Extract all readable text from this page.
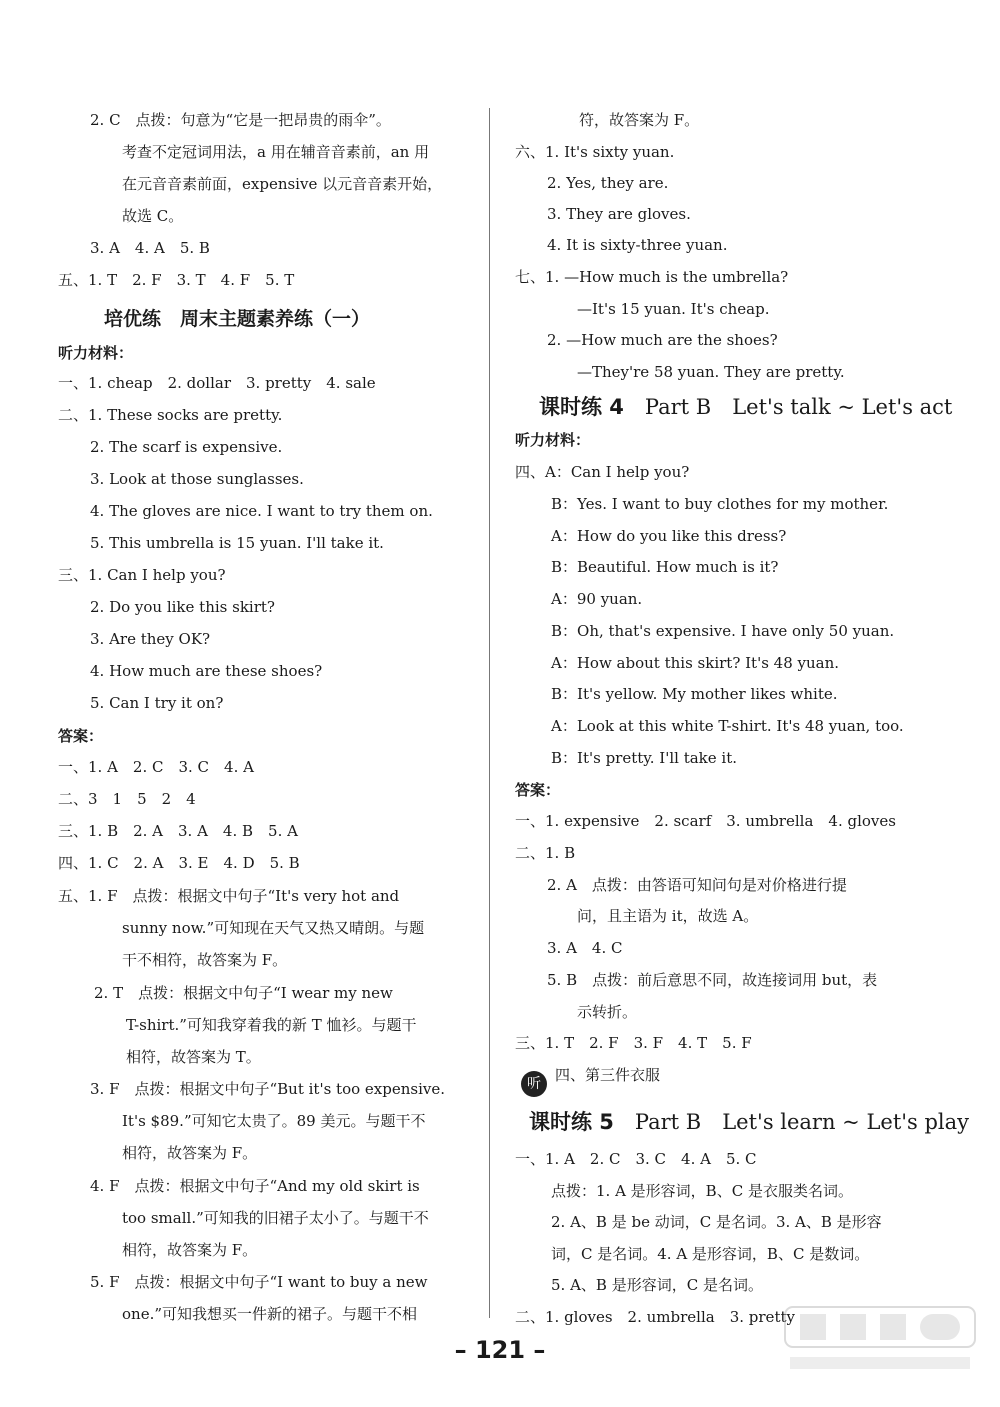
2. C　点拨：句意为“它是一把昂贵的雨伞”。
考查不定冠词用法，a 用在辅音音素前，an 用
在元音音素前面，expensive 以元音音素开始，
故选 C。
3. A　4. A　5. B
五、1. T　2. F　3. T　4. F　5. T
听力材料：
一、1. cheap　2. dollar　3. pretty　4. sale
二、1. These socks are pretty.
2. The scarf is expensive.
3. Look at those sunglasses.
4. The gloves are nice. I want to try them on.
5. This umbrella is 15 yuan. I'll take it.
三、1. Can I help you?
2. Do you like this skirt?
3. Are they OK?
4. How much are these shoes?
5. Can I try it on?
答案：
一、1. A　2. C　3. C　4. A
二、3　1　5　2　4
三、1. B　2. A　3. A　4. B　5. A
四、1. C　2. A　3. E　4. D　5. B
五、1. F　点拨：根据文中句子“It's very hot and
sunny now.”可知现在天气又热又晴朗。与题
干不相符，故答案为 F。
2. T　点拨：根据文中句子“I wear my new
T-shirt.”可知我穿着我的新 T 恤衫。与题干
相符，故答案为 T。
3. F　点拨：根据文中句子“But it's too expensive.
It's $89.”可知它太贵了。89 美元。与题干不
相符，故答案为 F。
4. F　点拨：根据文中句子“And my old skirt is
too small.”可知我的旧裙子太小了。与题干不
相符，故答案为 F。
5. F　点拨：根据文中句子“I want to buy a new
one.”可知我想买一件新的裙子。与题干不相
培优练　周末主题素养练（一）
符，故答案为 F。
六、1. It's sixty yuan.
2. Yes, they are.
3. They are gloves.
4. It is sixty-three yuan.
七、1. —How much is the umbrella?
—It's 15 yuan. It's cheap.
2. —How much are the shoes?
—They're 58 yuan. They are pretty.
听力材料：
四、A：Can I help you?
B：Yes. I want to buy clothes for my mother.
A：How do you like this dress?
B：Beautiful. How much is it?
A：90 yuan.
B：Oh, that's expensive. I have only 50 yuan.
A：How about this skirt? It's 48 yuan.
B：It's yellow. My mother likes white.
A：Look at this white T-shirt. It's 48 yuan, too.
B：It's pretty. I'll take it.
答案：
一、1. expensive　2. scarf　3. umbrella　4. gloves
二、1. B
2. A　点拨：由答语可知问句是对价格进行提
问，且主语为 it，故选 A。
3. A　4. C
5. B　点拨：前后意思不同，故连接词用 but，表
示转折。
三、1. T　2. F　3. F　4. T　5. F
四、第三件衣服
一、1. A　2. C　3. C　4. A　5. C
点拨：1. A 是形容词，B、C 是衣服类名词。
2. A、B 是 be 动词，C 是名词。3. A、B 是形容
词，C 是名词。4. A 是形容词，B、C 是数词。
5. A、B 是形容词，C 是名词。
二、1. gloves　2. umbrella　3. pretty
课时练 4　Part B　Let's talk ~ Let's act
课时练 5　Part B　Let's learn ~ Let's play
听
– 121 –
